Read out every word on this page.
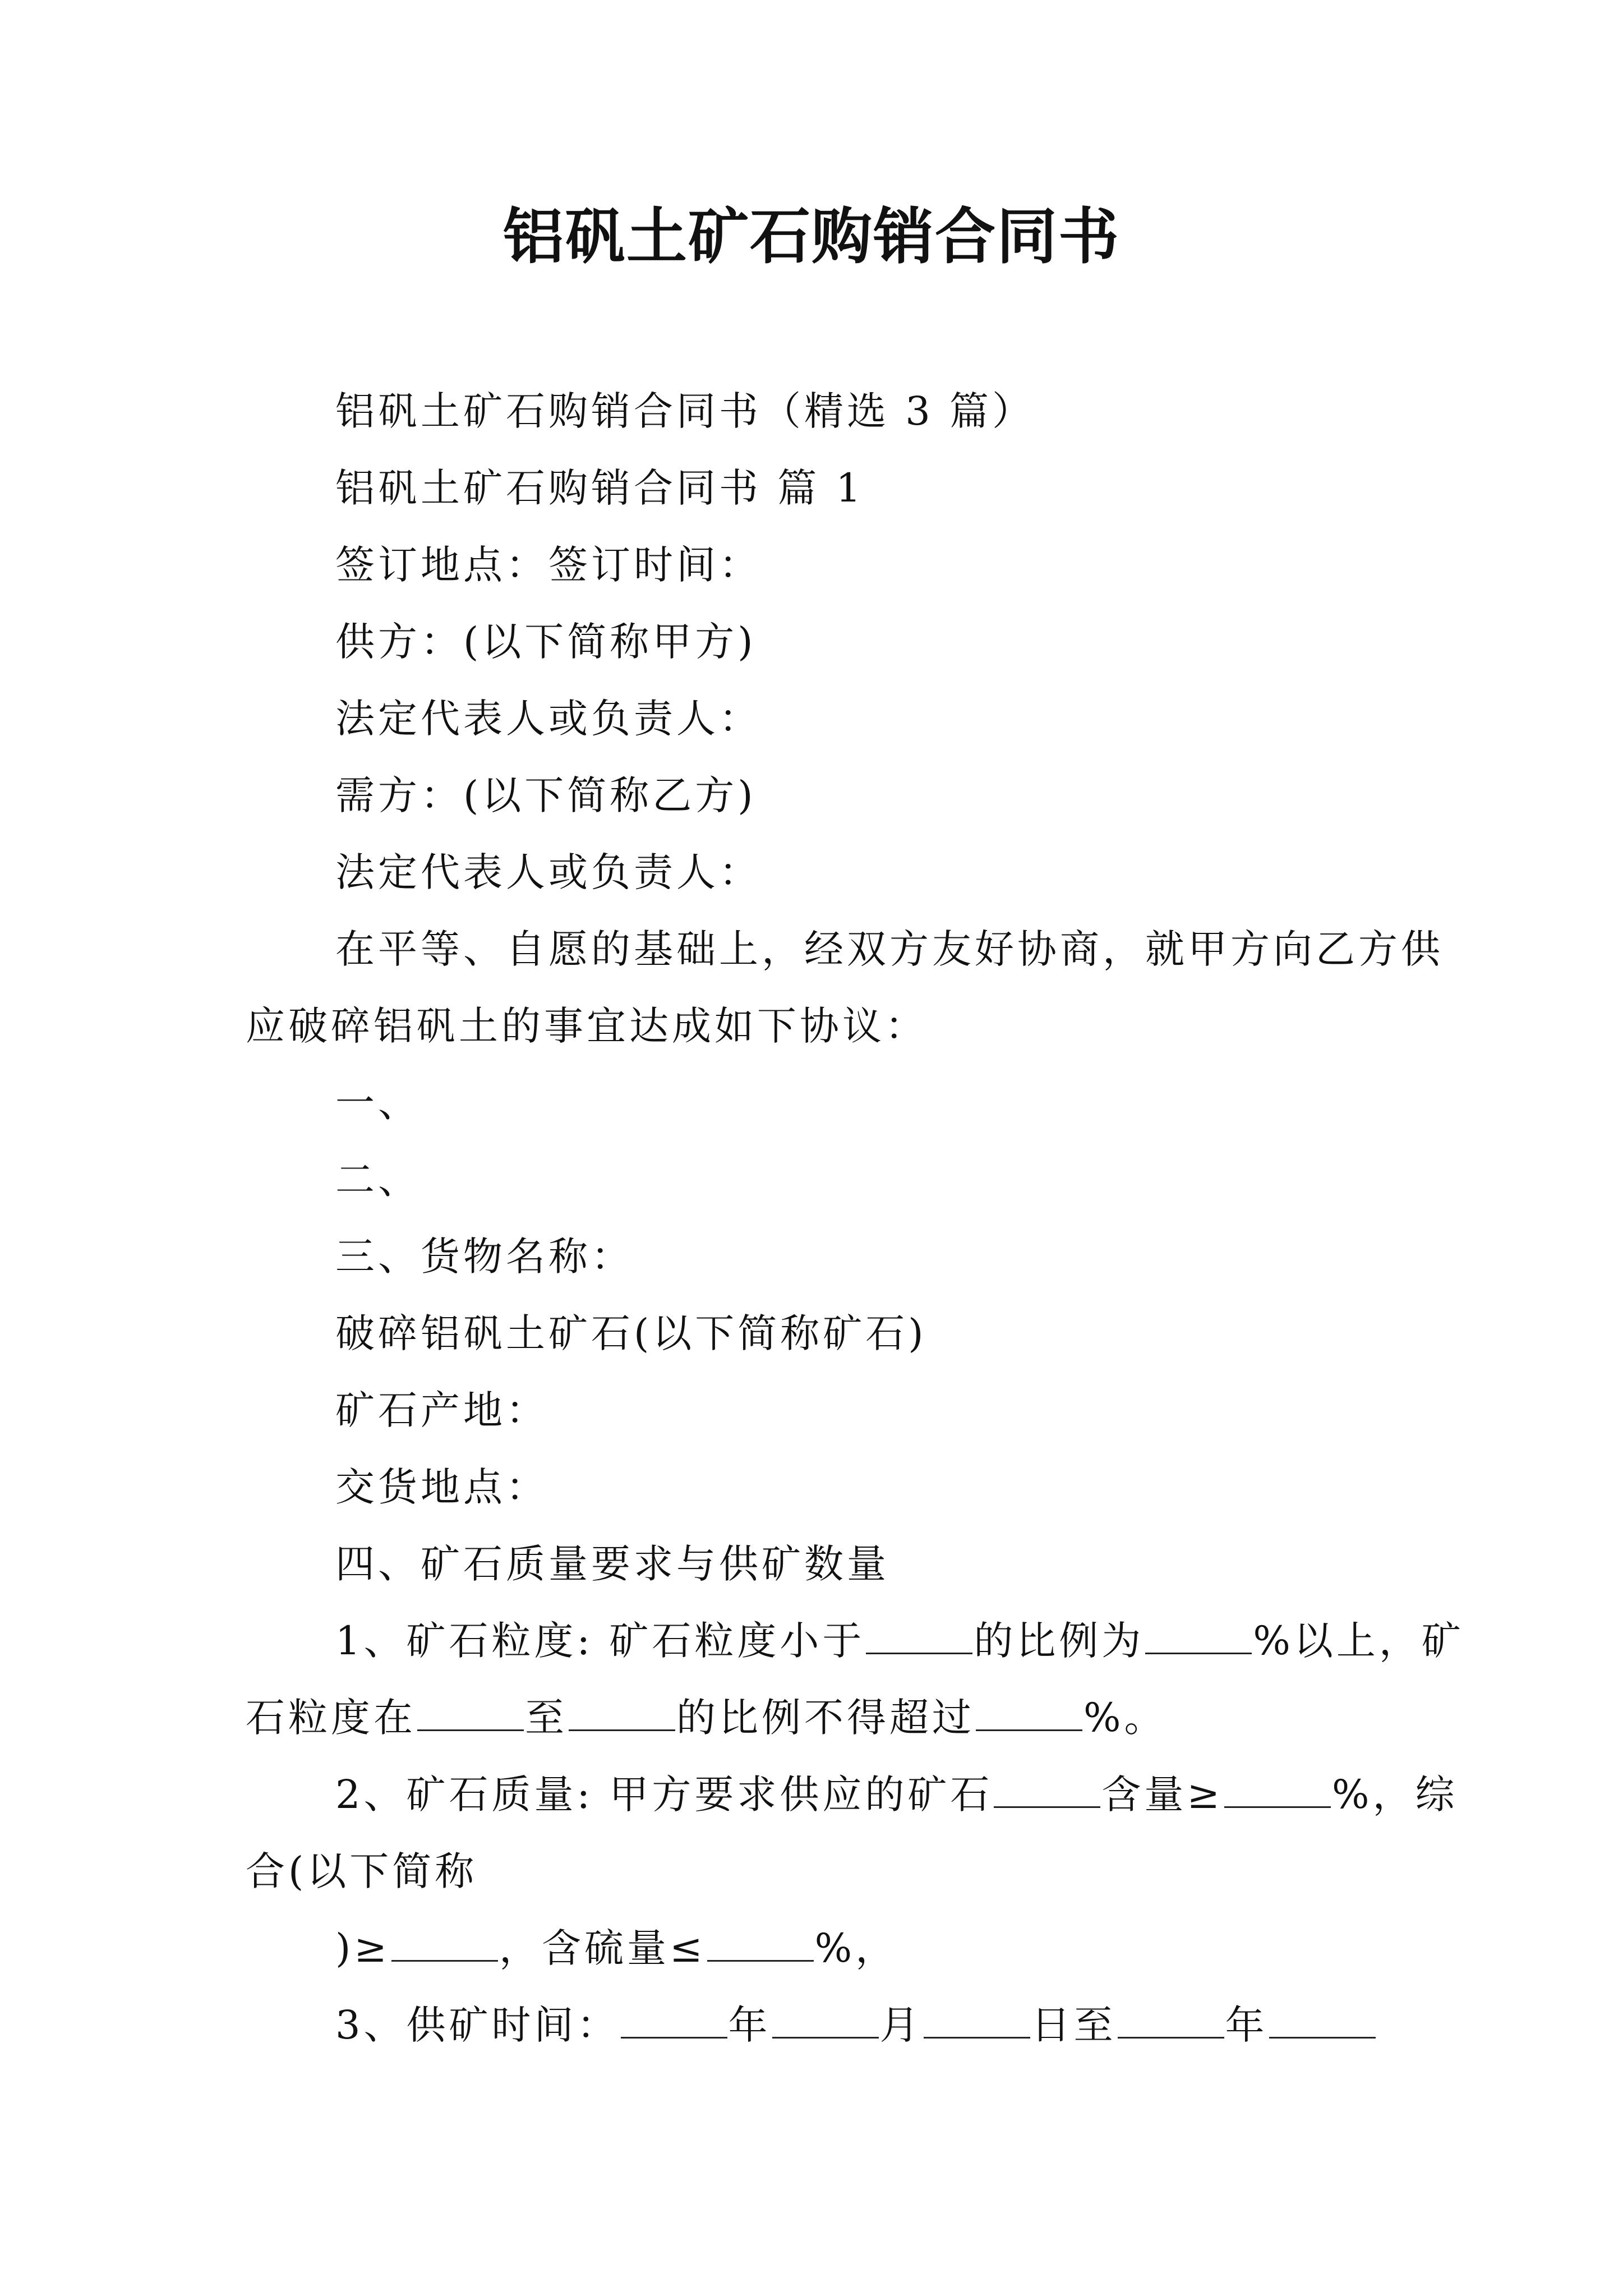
铝矾土矿石购销合同书

铝矾土矿石购销合同书（精选 3 篇）

铝矾土矿石购销合同书 篇 1

签订地点：签订时间：

供方：(以下简称甲方)

法定代表人或负责人：

需方：(以下简称乙方)

法定代表人或负责人：

在平等、自愿的基础上，经双方友好协商，就甲方向乙方供应破碎铝矾土的事宜达成如下协议：

一、

二、

三、货物名称：

破碎铝矾土矿石(以下简称矿石)

矿石产地：

交货地点：

四、矿石质量要求与供矿数量

1、矿石粒度: 矿石粒度小于	的比例为	%以上，矿石粒度在	至	的比例不得超过	%。

2、矿石质量: 甲方要求供应的矿石	含量≥	%，综合(以下简称

)≥	，含硫量≤	%，

3、供矿时间：	年	月	日至	年
